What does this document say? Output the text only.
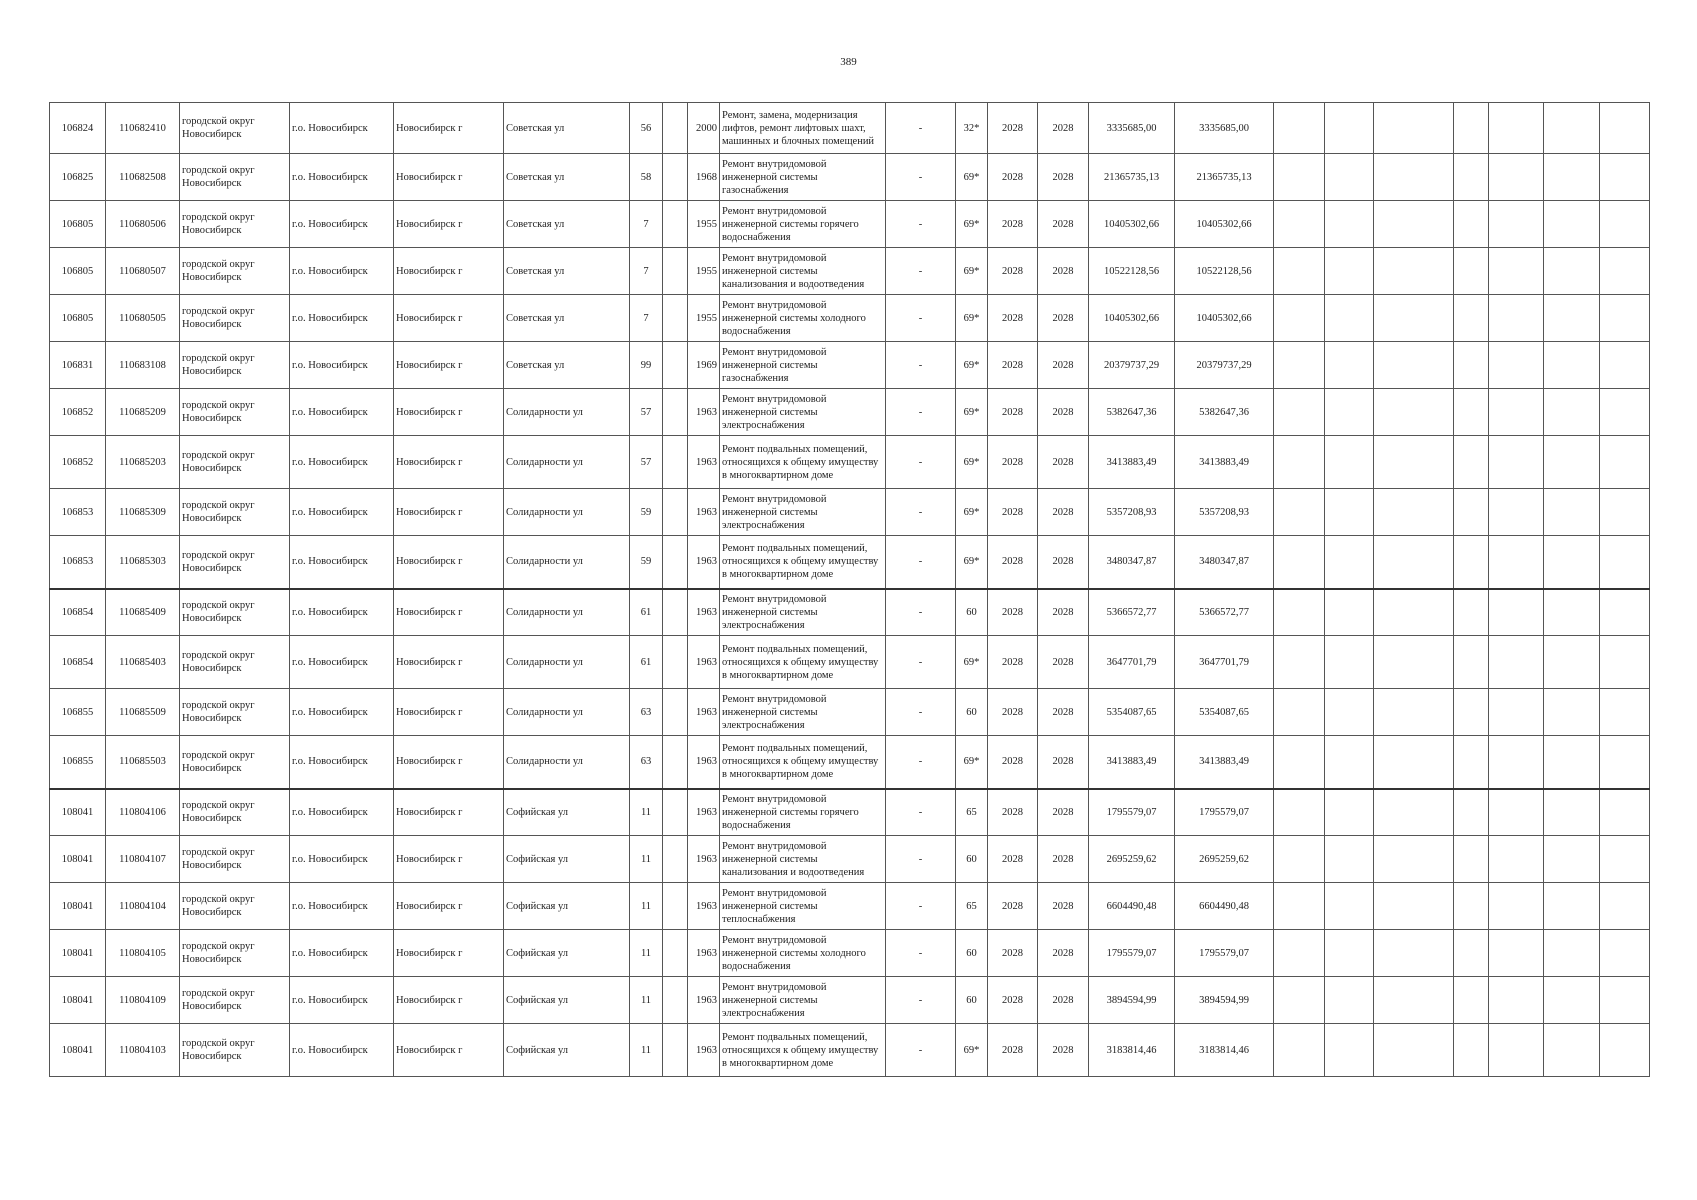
389
106824	110682410	городской округ Новосибирск	г.о. Новосибирск	Новосибирск г	Советская ул	56		2000	Ремонт, замена, модернизация лифтов, ремонт лифтовых шахт, машинных и блочных помещений	-	32*	2028	2028	3335685,00	3335685,00							
106825	110682508	городской округ Новосибирск	г.о. Новосибирск	Новосибирск г	Советская ул	58		1968	Ремонт внутридомовой инженерной системы газоснабжения	-	69*	2028	2028	21365735,13	21365735,13							
106805	110680506	городской округ Новосибирск	г.о. Новосибирск	Новосибирск г	Советская ул	7		1955	Ремонт внутридомовой инженерной системы горячего водоснабжения	-	69*	2028	2028	10405302,66	10405302,66							
106805	110680507	городской округ Новосибирск	г.о. Новосибирск	Новосибирск г	Советская ул	7		1955	Ремонт внутридомовой инженерной системы канализования и водоотведения	-	69*	2028	2028	10522128,56	10522128,56							
106805	110680505	городской округ Новосибирск	г.о. Новосибирск	Новосибирск г	Советская ул	7		1955	Ремонт внутридомовой инженерной системы холодного водоснабжения	-	69*	2028	2028	10405302,66	10405302,66							
106831	110683108	городской округ Новосибирск	г.о. Новосибирск	Новосибирск г	Советская ул	99		1969	Ремонт внутридомовой инженерной системы газоснабжения	-	69*	2028	2028	20379737,29	20379737,29							
106852	110685209	городской округ Новосибирск	г.о. Новосибирск	Новосибирск г	Солидарности ул	57		1963	Ремонт внутридомовой инженерной системы электроснабжения	-	69*	2028	2028	5382647,36	5382647,36							
106852	110685203	городской округ Новосибирск	г.о. Новосибирск	Новосибирск г	Солидарности ул	57		1963	Ремонт подвальных помещений, относящихся к общему имуществу в многоквартирном доме	-	69*	2028	2028	3413883,49	3413883,49							
106853	110685309	городской округ Новосибирск	г.о. Новосибирск	Новосибирск г	Солидарности ул	59		1963	Ремонт внутридомовой инженерной системы электроснабжения	-	69*	2028	2028	5357208,93	5357208,93							
106853	110685303	городской округ Новосибирск	г.о. Новосибирск	Новосибирск г	Солидарности ул	59		1963	Ремонт подвальных помещений, относящихся к общему имуществу в многоквартирном доме	-	69*	2028	2028	3480347,87	3480347,87							
106854	110685409	городской округ Новосибирск	г.о. Новосибирск	Новосибирск г	Солидарности ул	61		1963	Ремонт внутридомовой инженерной системы электроснабжения	-	60	2028	2028	5366572,77	5366572,77							
106854	110685403	городской округ Новосибирск	г.о. Новосибирск	Новосибирск г	Солидарности ул	61		1963	Ремонт подвальных помещений, относящихся к общему имуществу в многоквартирном доме	-	69*	2028	2028	3647701,79	3647701,79							
106855	110685509	городской округ Новосибирск	г.о. Новосибирск	Новосибирск г	Солидарности ул	63		1963	Ремонт внутридомовой инженерной системы электроснабжения	-	60	2028	2028	5354087,65	5354087,65							
106855	110685503	городской округ Новосибирск	г.о. Новосибирск	Новосибирск г	Солидарности ул	63		1963	Ремонт подвальных помещений, относящихся к общему имуществу в многоквартирном доме	-	69*	2028	2028	3413883,49	3413883,49							
108041	110804106	городской округ Новосибирск	г.о. Новосибирск	Новосибирск г	Софийская ул	11		1963	Ремонт внутридомовой инженерной системы горячего водоснабжения	-	65	2028	2028	1795579,07	1795579,07							
108041	110804107	городской округ Новосибирск	г.о. Новосибирск	Новосибирск г	Софийская ул	11		1963	Ремонт внутридомовой инженерной системы канализования и водоотведения	-	60	2028	2028	2695259,62	2695259,62							
108041	110804104	городской округ Новосибирск	г.о. Новосибирск	Новосибирск г	Софийская ул	11		1963	Ремонт внутридомовой инженерной системы теплоснабжения	-	65	2028	2028	6604490,48	6604490,48							
108041	110804105	городской округ Новосибирск	г.о. Новосибирск	Новосибирск г	Софийская ул	11		1963	Ремонт внутридомовой инженерной системы холодного водоснабжения	-	60	2028	2028	1795579,07	1795579,07							
108041	110804109	городской округ Новосибирск	г.о. Новосибирск	Новосибирск г	Софийская ул	11		1963	Ремонт внутридомовой инженерной системы электроснабжения	-	60	2028	2028	3894594,99	3894594,99							
108041	110804103	городской округ Новосибирск	г.о. Новосибирск	Новосибирск г	Софийская ул	11		1963	Ремонт подвальных помещений, относящихся к общему имуществу в многоквартирном доме	-	69*	2028	2028	3183814,46	3183814,46							
